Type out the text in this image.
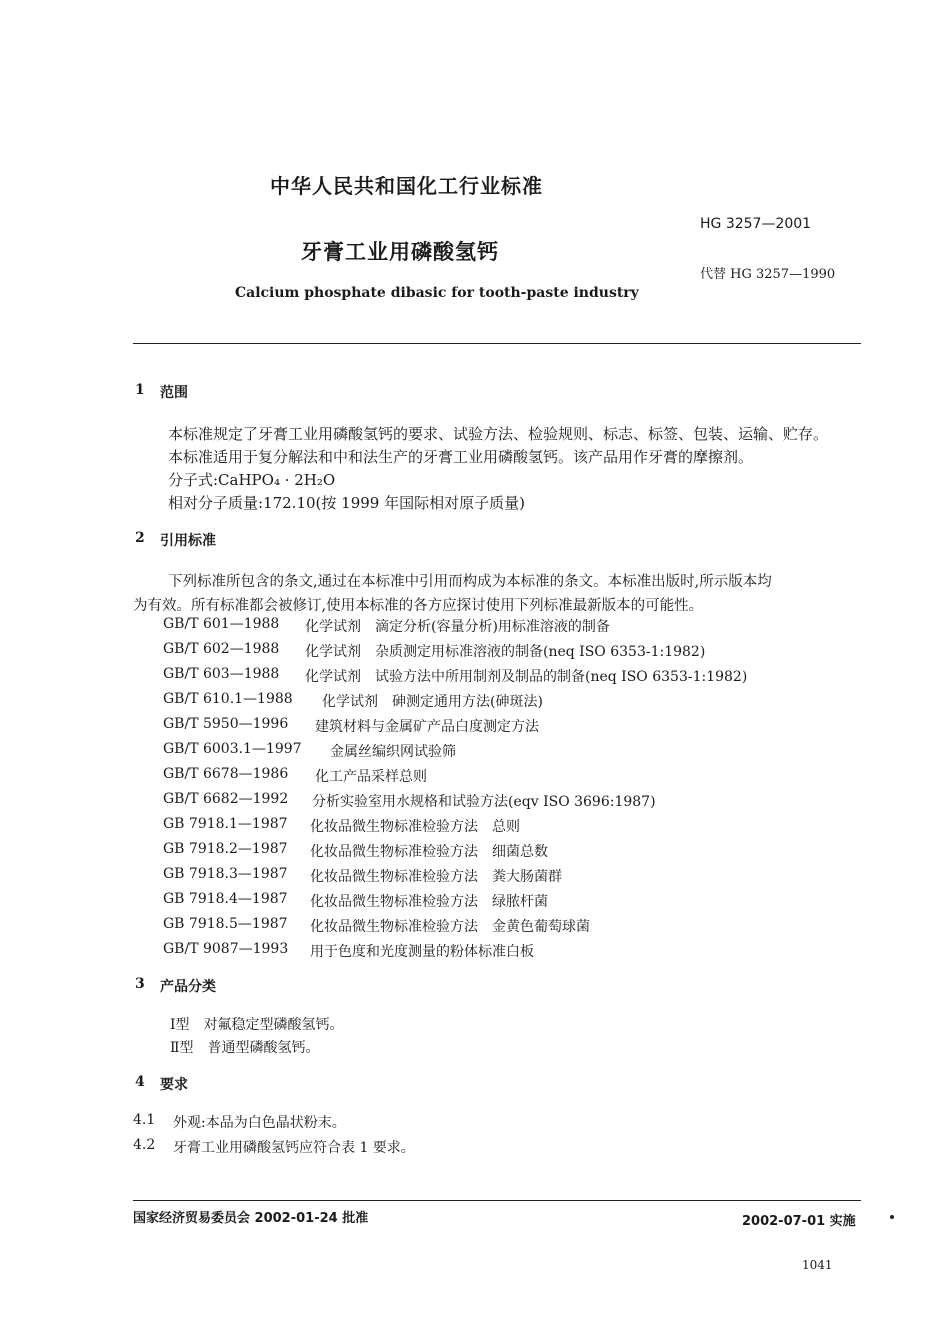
中华人民共和国化工行业标准
HG 3257—2001
牙膏工业用磷酸氢钙
代替 HG 3257—1990
Calcium phosphate dibasic for tooth-paste industry
1 范围
本标准规定了牙膏工业用磷酸氢钙的要求、试验方法、检验规则、标志、标签、包装、运输、贮存。
本标准适用于复分解法和中和法生产的牙膏工业用磷酸氢钙。该产品用作牙膏的摩擦剂。
分子式:CaHPO₄ · 2H₂O
相对分子质量:172.10(按 1999 年国际相对原子质量)
2 引用标准
下列标准所包含的条文,通过在本标准中引用而构成为本标准的条文。本标准出版时,所示版本均
为有效。所有标准都会被修订,使用本标准的各方应探讨使用下列标准最新版本的可能性。
GB/T 601—1988 化学试剂　滴定分析(容量分析)用标准溶液的制备
GB/T 602—1988 化学试剂　杂质测定用标准溶液的制备(neq ISO 6353-1:1982)
GB/T 603—1988 化学试剂　试验方法中所用制剂及制品的制备(neq ISO 6353-1:1982)
GB/T 610.1—1988 化学试剂　砷测定通用方法(砷斑法)
GB/T 5950—1996 建筑材料与金属矿产品白度测定方法
GB/T 6003.1—1997 金属丝编织网试验筛
GB/T 6678—1986 化工产品采样总则
GB/T 6682—1992 分析实验室用水规格和试验方法(eqv ISO 3696:1987)
GB 7918.1—1987 化妆品微生物标准检验方法　总则
GB 7918.2—1987 化妆品微生物标准检验方法　细菌总数
GB 7918.3—1987 化妆品微生物标准检验方法　粪大肠菌群
GB 7918.4—1987 化妆品微生物标准检验方法　绿脓杆菌
GB 7918.5—1987 化妆品微生物标准检验方法　金黄色葡萄球菌
GB/T 9087—1993 用于色度和光度测量的粉体标准白板
3 产品分类
Ⅰ型　对氟稳定型磷酸氢钙。
Ⅱ型　普通型磷酸氢钙。
4 要求
4.1 外观:本品为白色晶状粉末。
4.2 牙膏工业用磷酸氢钙应符合表 1 要求。
国家经济贸易委员会 2002-01-24 批准	2002-07-01 实施
1041
